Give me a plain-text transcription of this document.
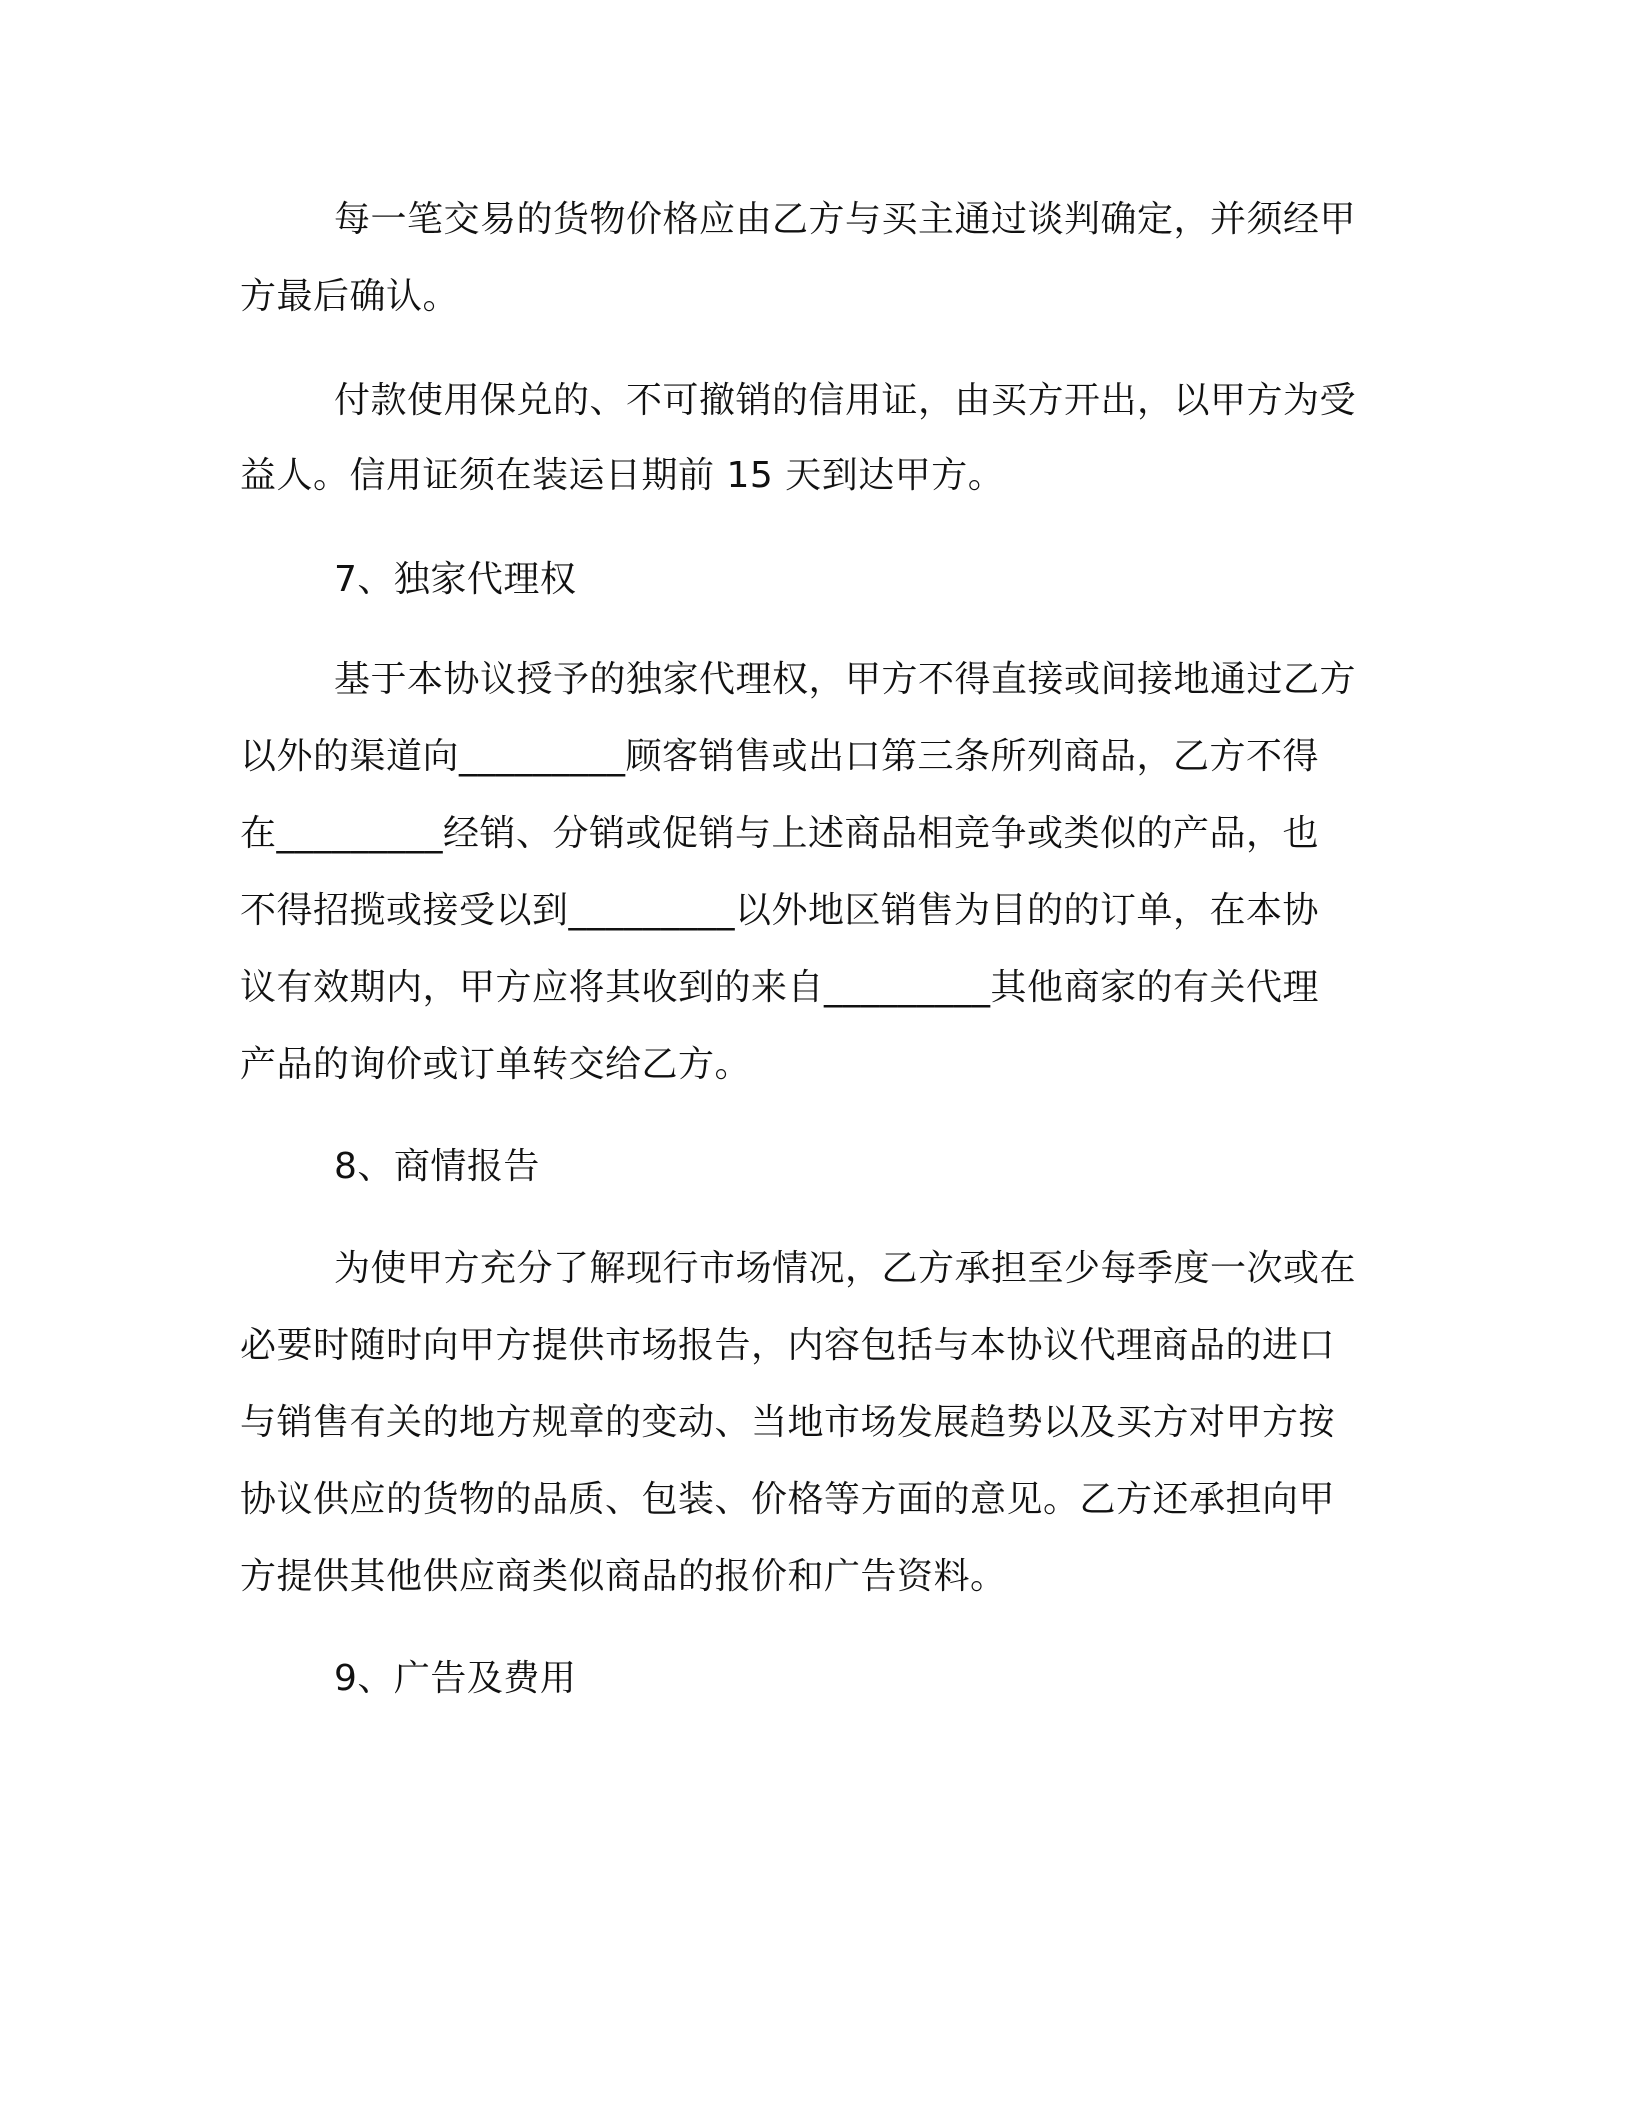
每一笔交易的货物价格应由乙方与买主通过谈判确定，并须经甲
方最后确认。
付款使用保兑的、不可撤销的信用证，由买方开出，以甲方为受
益人。信用证须在装运日期前 15 天到达甲方。
7、独家代理权
基于本协议授予的独家代理权，甲方不得直接或间接地通过乙方
以外的渠道向_________顾客销售或出口第三条所列商品，乙方不得
在_________经销、分销或促销与上述商品相竞争或类似的产品，也
不得招揽或接受以到_________以外地区销售为目的的订单，在本协
议有效期内，甲方应将其收到的来自_________其他商家的有关代理
产品的询价或订单转交给乙方。
8、商情报告
为使甲方充分了解现行市场情况，乙方承担至少每季度一次或在
必要时随时向甲方提供市场报告，内容包括与本协议代理商品的进口
与销售有关的地方规章的变动、当地市场发展趋势以及买方对甲方按
协议供应的货物的品质、包装、价格等方面的意见。乙方还承担向甲
方提供其他供应商类似商品的报价和广告资料。
9、广告及费用
